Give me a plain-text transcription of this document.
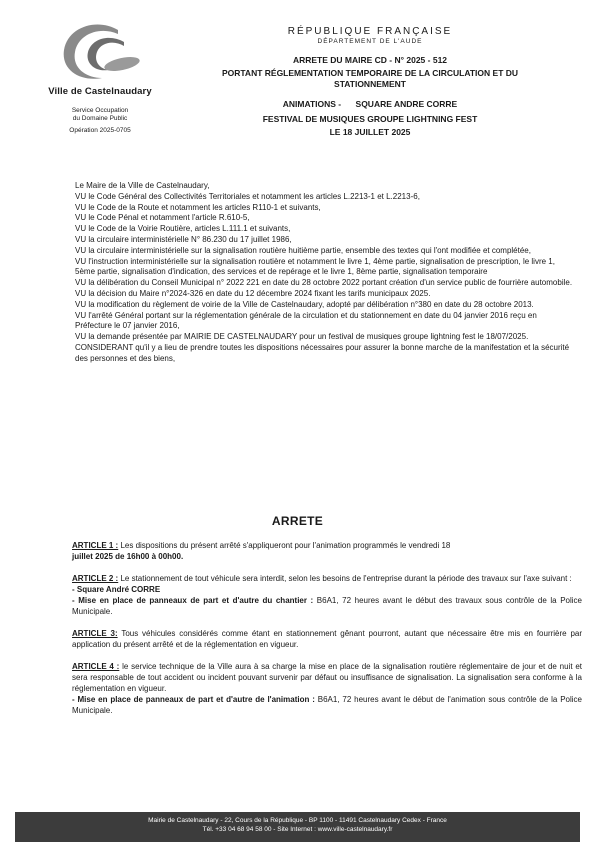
Ville de Castelnaudary
Service Occupation
du Domaine Public
Opération 2025-0705
RÉPUBLIQUE FRANÇAISE
DÉPARTEMENT DE L'AUDE
ARRETE DU MAIRE CD - N° 2025 - 512
PORTANT RÉGLEMENTATION TEMPORAIRE DE LA CIRCULATION ET DU
STATIONNEMENT
ANIMATIONS - SQUARE ANDRE CORRE
FESTIVAL DE MUSIQUES GROUPE LIGHTNING FEST
LE 18 JUILLET 2025

Le Maire de la Ville de Castelnaudary,

VU le Code Général des Collectivités Territoriales et notamment les articles L.2213-1 et L.2213-6,

VU le Code de la Route et notamment les articles R110-1 et suivants,

VU le Code Pénal et notamment l'article R.610-5,

VU le Code de la Voirie Routière, articles L.111.1 et suivants,

VU la circulaire interministérielle N° 86.230 du 17 juillet 1986,

VU la circulaire interministérielle sur la signalisation routière huitième partie, ensemble des textes qui l'ont modifiée et complétée,

VU l'instruction interministérielle sur la signalisation routière et notamment le livre 1, 4ème partie, signalisation de prescription, le livre 1, 5ème partie, signalisation d'indication, des services et de repérage et le livre 1, 8ème partie, signalisation temporaire

VU la délibération du Conseil Municipal n° 2022 221 en date du 28 octobre 2022 portant création d'un service public de fourrière automobile.

VU la décision du Maire n°2024-326 en date du 12 décembre 2024 fixant les tarifs municipaux 2025.

VU la modification du règlement de voirie de la Ville de Castelnaudary, adopté par délibération n°380 en date du 28 octobre 2013.

VU l'arrêté Général portant sur la réglementation générale de la circulation et du stationnement en date du 04 janvier 2016 reçu en Préfecture le 07 janvier 2016,

VU la demande présentée par MAIRIE DE CASTELNAUDARY pour un festival de musiques groupe lightning fest le 18/07/2025.

CONSIDERANT qu'il y a lieu de prendre toutes les dispositions nécessaires pour assurer la bonne marche de la manifestation et la sécurité des personnes et des biens,

ARRETE

ARTICLE 1 : Les dispositions du présent arrêté s'appliqueront pour l'animation programmés le vendredi 18

juillet 2025 de 16h00 à 00h00.

ARTICLE 2 : Le stationnement de tout véhicule sera interdit, selon les besoins de l'entreprise durant la période des travaux sur l'axe suivant :

- Square André CORRE

- Mise en place de panneaux de part et d'autre du chantier : B6A1, 72 heures avant le début des travaux sous contrôle de la Police Municipale.

ARTICLE 3: Tous véhicules considérés comme étant en stationnement gênant pourront, autant que nécessaire être mis en fourrière par application du présent arrêté et de la réglementation en vigueur.

ARTICLE 4 : le service technique de la Ville aura à sa charge la mise en place de la signalisation routière réglementaire de jour et de nuit et sera responsable de tout accident ou incident pouvant survenir par défaut ou insuffisance de signalisation. La signalisation sera conforme à la réglementation en vigueur.

- Mise en place de panneaux de part et d'autre de l'animation : B6A1, 72 heures avant le début de l'animation sous contrôle de la Police Municipale.

Mairie de Castelnaudary - 22, Cours de la République - BP 1100 - 11491 Castelnaudary Cedex - France
Tél. +33 04 68 94 58 00 - Site Internet : www.ville-castelnaudary.fr
